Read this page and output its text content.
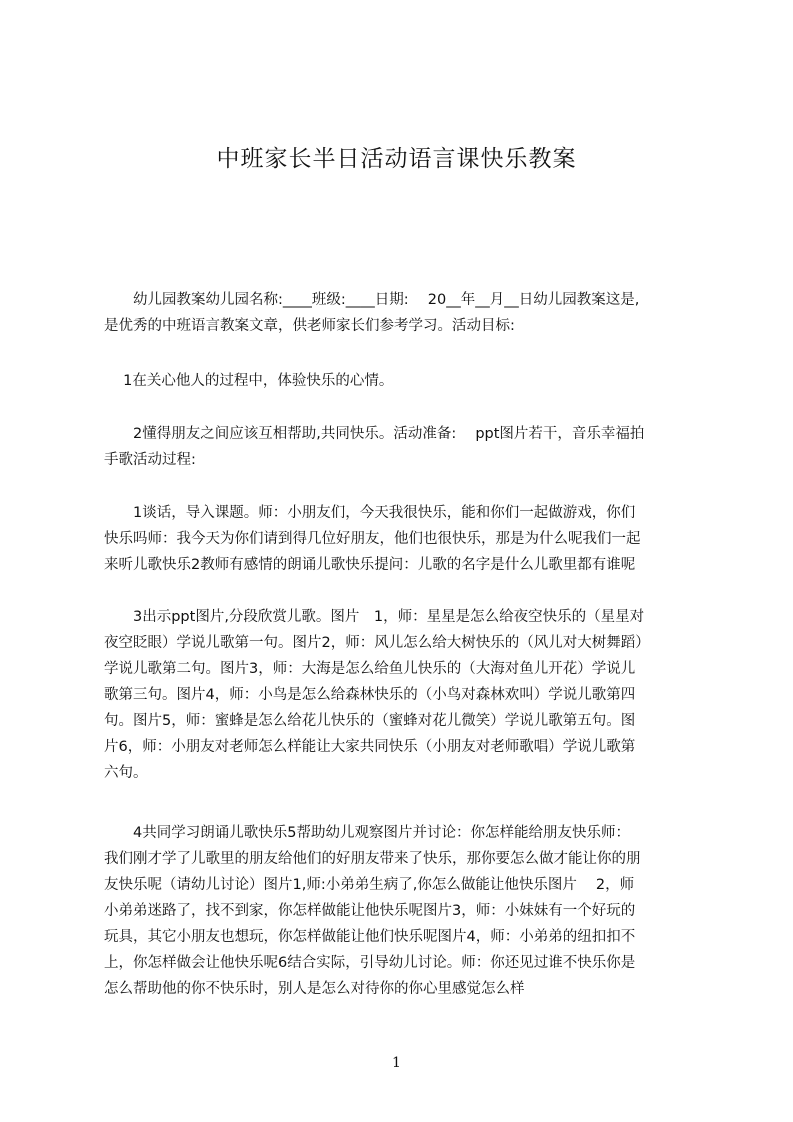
中班家长半日活动语言课快乐教案
　　幼儿园教案幼儿园名称:____班级:____日期:　 20__年__月__日幼儿园教案这是,
是优秀的中班语言教案文章，供老师家长们参考学习。活动目标:
　 1在关心他人的过程中，体验快乐的心情。
　　2懂得朋友之间应该互相帮助,共同快乐。活动准备:　 ppt图片若干，音乐幸福拍
手歌活动过程:
　　1谈话，导入课题。师：小朋友们，今天我很快乐，能和你们一起做游戏，你们
快乐吗师：我今天为你们请到得几位好朋友，他们也很快乐，那是为什么呢我们一起
来听儿歌快乐2教师有感情的朗诵儿歌快乐提问：儿歌的名字是什么儿歌里都有谁呢
　　3出示ppt图片,分段欣赏儿歌。图片　1，师：星星是怎么给夜空快乐的（星星对
夜空眨眼）学说儿歌第一句。图片2，师：风儿怎么给大树快乐的（风儿对大树舞蹈）
学说儿歌第二句。图片3，师：大海是怎么给鱼儿快乐的（大海对鱼儿开花）学说儿
歌第三句。图片4，师：小鸟是怎么给森林快乐的（小鸟对森林欢叫）学说儿歌第四
句。图片5，师：蜜蜂是怎么给花儿快乐的（蜜蜂对花儿微笑）学说儿歌第五句。图
片6，师：小朋友对老师怎么样能让大家共同快乐（小朋友对老师歌唱）学说儿歌第
六句。
　　4共同学习朗诵儿歌快乐5帮助幼儿观察图片并讨论：你怎样能给朋友快乐师：
我们刚才学了儿歌里的朋友给他们的好朋友带来了快乐，那你要怎么做才能让你的朋
友快乐呢（请幼儿讨论）图片1,师:小弟弟生病了,你怎么做能让他快乐图片　 2，师
小弟弟迷路了，找不到家，你怎样做能让他快乐呢图片3，师：小妹妹有一个好玩的
玩具，其它小朋友也想玩，你怎样做能让他们快乐呢图片4，师：小弟弟的纽扣扣不
上，你怎样做会让他快乐呢6结合实际，引导幼儿讨论。师：你还见过谁不快乐你是
怎么帮助他的你不快乐时，别人是怎么对待你的你心里感觉怎么样
1
